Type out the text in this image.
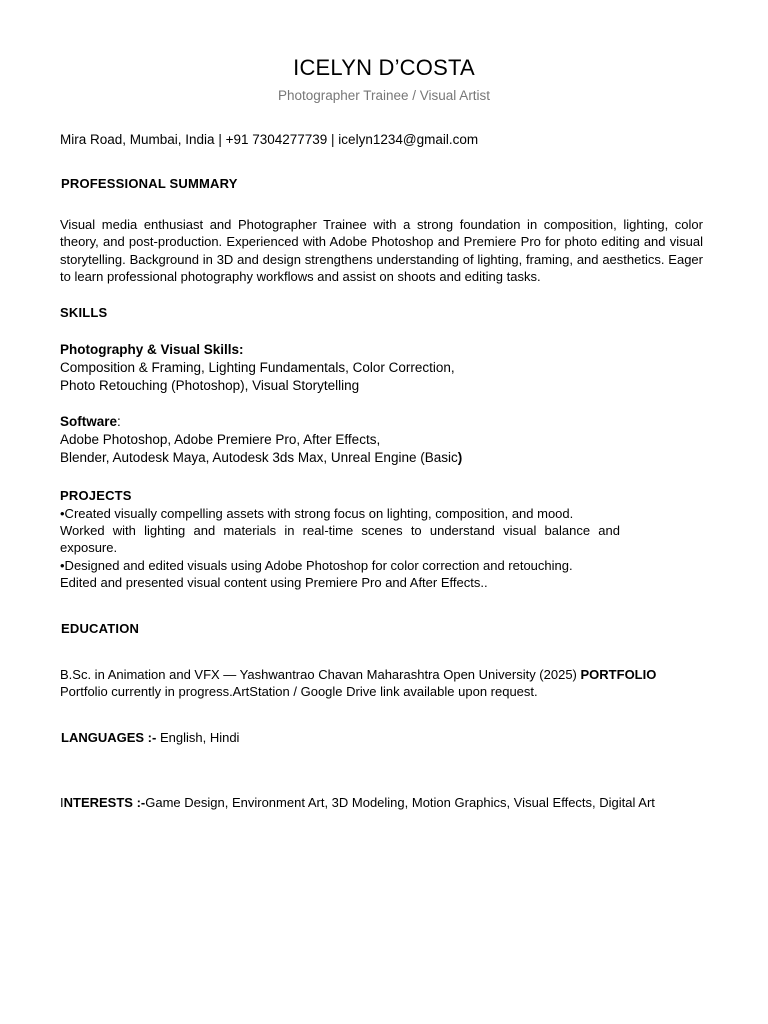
ICELYN D’COSTA
Photographer Trainee / Visual Artist
Mira Road, Mumbai, India | +91 7304277739 | icelyn1234@gmail.com
PROFESSIONAL SUMMARY
Visual media enthusiast and Photographer Trainee with a strong foundation in composition, lighting, color theory, and post-production. Experienced with Adobe Photoshop and Premiere Pro for photo editing and visual storytelling. Background in 3D and design strengthens understanding of lighting, framing, and aesthetics. Eager to learn professional photography workflows and assist on shoots and editing tasks.
SKILLS
Photography & Visual Skills:
Composition & Framing, Lighting Fundamentals, Color Correction,
Photo Retouching (Photoshop), Visual Storytelling
Software:
Adobe Photoshop, Adobe Premiere Pro, After Effects,
Blender, Autodesk Maya, Autodesk 3ds Max, Unreal Engine (Basic)
PROJECTS

•Created visually compelling assets with strong focus on lighting, composition, and mood.

Worked with lighting and materials in real-time scenes to understand visual balance and exposure.

•Designed and edited visuals using Adobe Photoshop for color correction and retouching.

Edited and presented visual content using Premiere Pro and After Effects..

EDUCATION
B.Sc. in Animation and VFX — Yashwantrao Chavan Maharashtra Open University (2025) PORTFOLIO
Portfolio currently in progress.ArtStation / Google Drive link available upon request.
LANGUAGES :- English, Hindi
INTERESTS :-Game Design, Environment Art, 3D Modeling, Motion Graphics, Visual Effects, Digital Art
